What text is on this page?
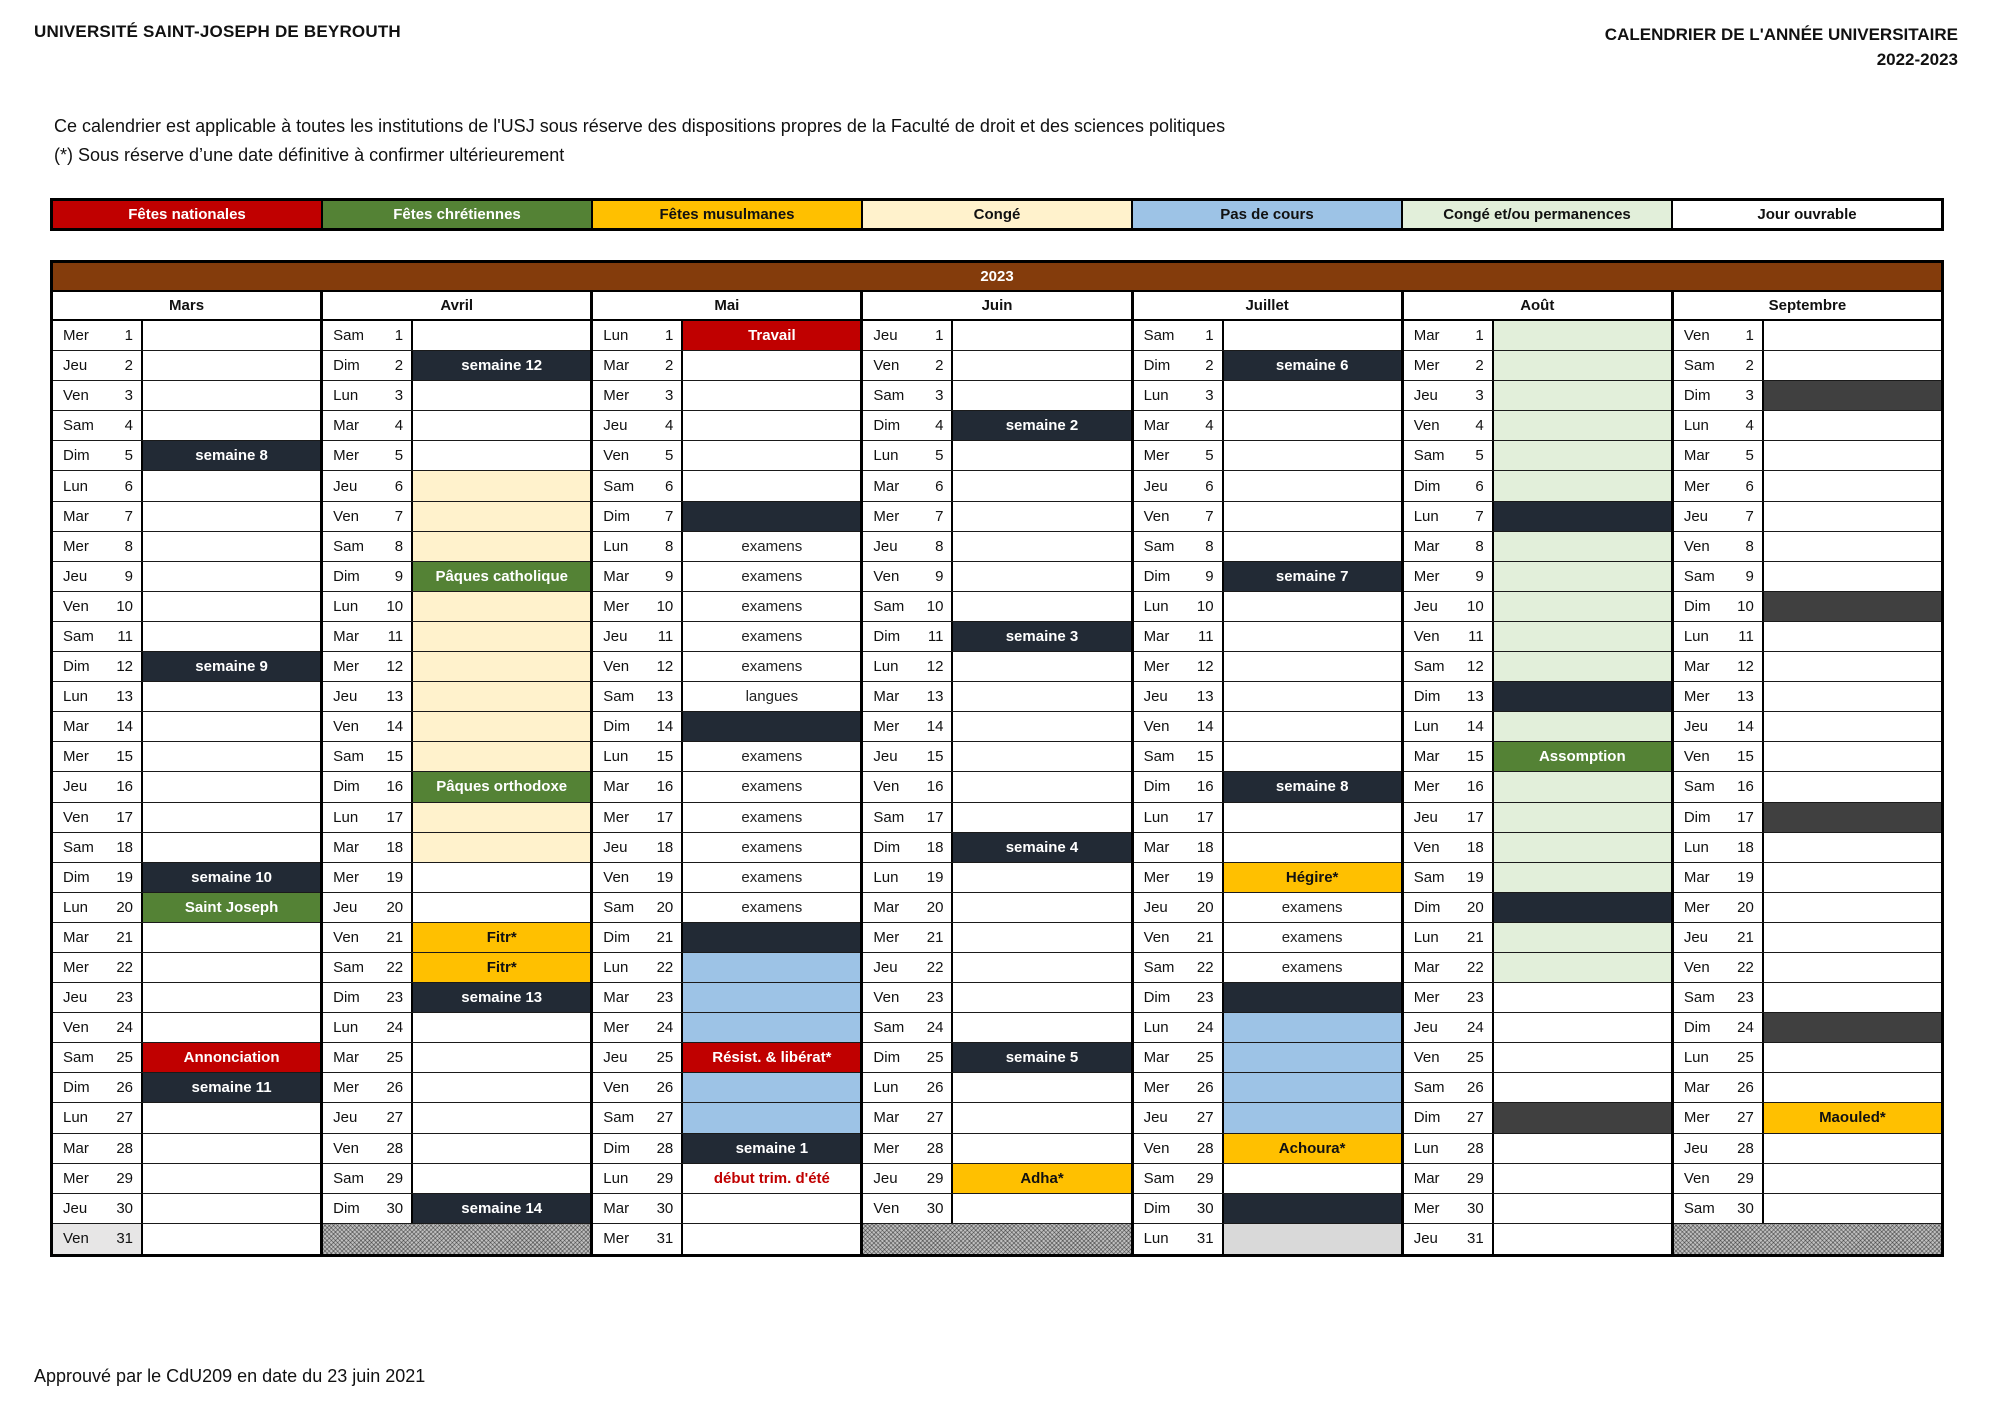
UNIVERSITÉ SAINT-JOSEPH DE BEYROUTH	CALENDRIER DE L'ANNÉE UNIVERSITAIRE
2022-2023
Ce calendrier est applicable à toutes les institutions de l'USJ sous réserve des dispositions propres de la Faculté de droit et des sciences politiques
(*) Sous réserve d’une date définitive à confirmer ultérieurement
Fêtes nationales	Fêtes chrétiennes	Fêtes musulmanes	Congé	Pas de cours	Congé et/ou permanences	Jour ouvrable
2023
Mars
Mer	1
Jeu	2
Ven	3
Sam	4
Dim	5	semaine 8
Lun	6
Mar	7
Mer	8
Jeu	9
Ven	10
Sam	11
Dim	12	semaine 9
Lun	13
Mar	14
Mer	15
Jeu	16
Ven	17
Sam	18
Dim	19	semaine 10
Lun	20	Saint Joseph
Mar	21
Mer	22
Jeu	23
Ven	24
Sam	25	Annonciation
Dim	26	semaine 11
Lun	27
Mar	28
Mer	29
Jeu	30
Ven	31
Avril
Sam	1
Dim	2	semaine 12
Lun	3
Mar	4
Mer	5
Jeu	6
Ven	7
Sam	8
Dim	9	Pâques catholique
Lun	10
Mar	11
Mer	12
Jeu	13
Ven	14
Sam	15
Dim	16	Pâques orthodoxe
Lun	17
Mar	18
Mer	19
Jeu	20
Ven	21	Fitr*
Sam	22	Fitr*
Dim	23	semaine 13
Lun	24
Mar	25
Mer	26
Jeu	27
Ven	28
Sam	29
Dim	30	semaine 14
Mai
Lun	1	Travail
Mar	2
Mer	3
Jeu	4
Ven	5
Sam	6
Dim	7
Lun	8	examens
Mar	9	examens
Mer	10	examens
Jeu	11	examens
Ven	12	examens
Sam	13	langues
Dim	14
Lun	15	examens
Mar	16	examens
Mer	17	examens
Jeu	18	examens
Ven	19	examens
Sam	20	examens
Dim	21
Lun	22
Mar	23
Mer	24
Jeu	25	Résist. & libérat*
Ven	26
Sam	27
Dim	28	semaine 1
Lun	29	début trim. d'été
Mar	30
Mer	31
Juin
Jeu	1
Ven	2
Sam	3
Dim	4	semaine 2
Lun	5
Mar	6
Mer	7
Jeu	8
Ven	9
Sam	10
Dim	11	semaine 3
Lun	12
Mar	13
Mer	14
Jeu	15
Ven	16
Sam	17
Dim	18	semaine 4
Lun	19
Mar	20
Mer	21
Jeu	22
Ven	23
Sam	24
Dim	25	semaine 5
Lun	26
Mar	27
Mer	28
Jeu	29	Adha*
Ven	30
Juillet
Sam	1
Dim	2	semaine 6
Lun	3
Mar	4
Mer	5
Jeu	6
Ven	7
Sam	8
Dim	9	semaine 7
Lun	10
Mar	11
Mer	12
Jeu	13
Ven	14
Sam	15
Dim	16	semaine 8
Lun	17
Mar	18
Mer	19	Hégire*
Jeu	20	examens
Ven	21	examens
Sam	22	examens
Dim	23
Lun	24
Mar	25
Mer	26
Jeu	27
Ven	28	Achoura*
Sam	29
Dim	30
Lun	31
Août
Mar	1
Mer	2
Jeu	3
Ven	4
Sam	5
Dim	6
Lun	7
Mar	8
Mer	9
Jeu	10
Ven	11
Sam	12
Dim	13
Lun	14
Mar	15	Assomption
Mer	16
Jeu	17
Ven	18
Sam	19
Dim	20
Lun	21
Mar	22
Mer	23
Jeu	24
Ven	25
Sam	26
Dim	27
Lun	28
Mar	29
Mer	30
Jeu	31
Septembre
Ven	1
Sam	2
Dim	3
Lun	4
Mar	5
Mer	6
Jeu	7
Ven	8
Sam	9
Dim	10
Lun	11
Mar	12
Mer	13
Jeu	14
Ven	15
Sam	16
Dim	17
Lun	18
Mar	19
Mer	20
Jeu	21
Ven	22
Sam	23
Dim	24
Lun	25
Mar	26
Mer	27	Maouled*
Jeu	28
Ven	29
Sam	30
Approuvé par le CdU209 en date du 23 juin 2021
